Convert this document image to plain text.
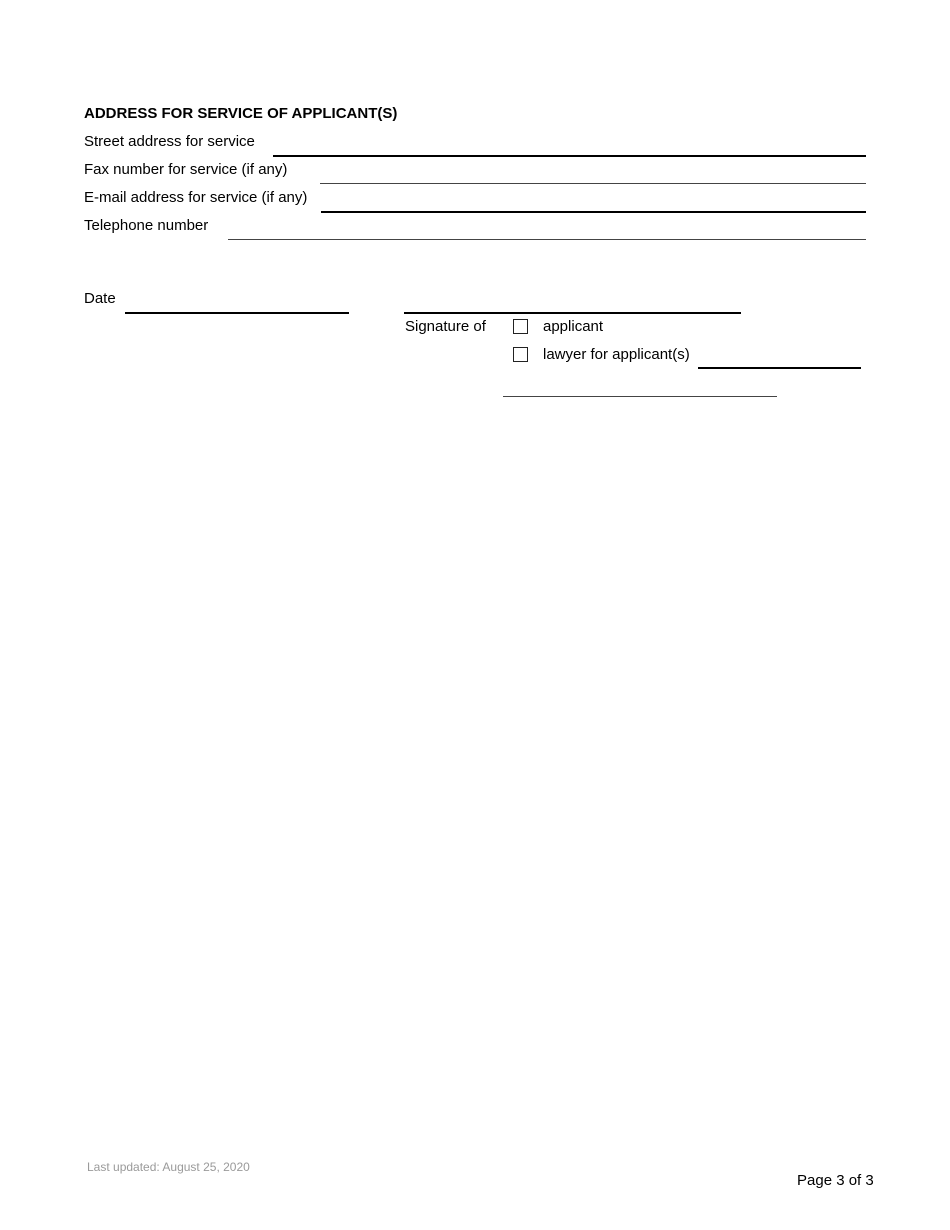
ADDRESS FOR SERVICE OF APPLICANT(S)
Street address for service
Fax number for service (if any)
E-mail address for service (if any)
Telephone number
Date
Signature of	applicant
lawyer for applicant(s)
Last updated: August 25, 2020
Page 3 of 3
